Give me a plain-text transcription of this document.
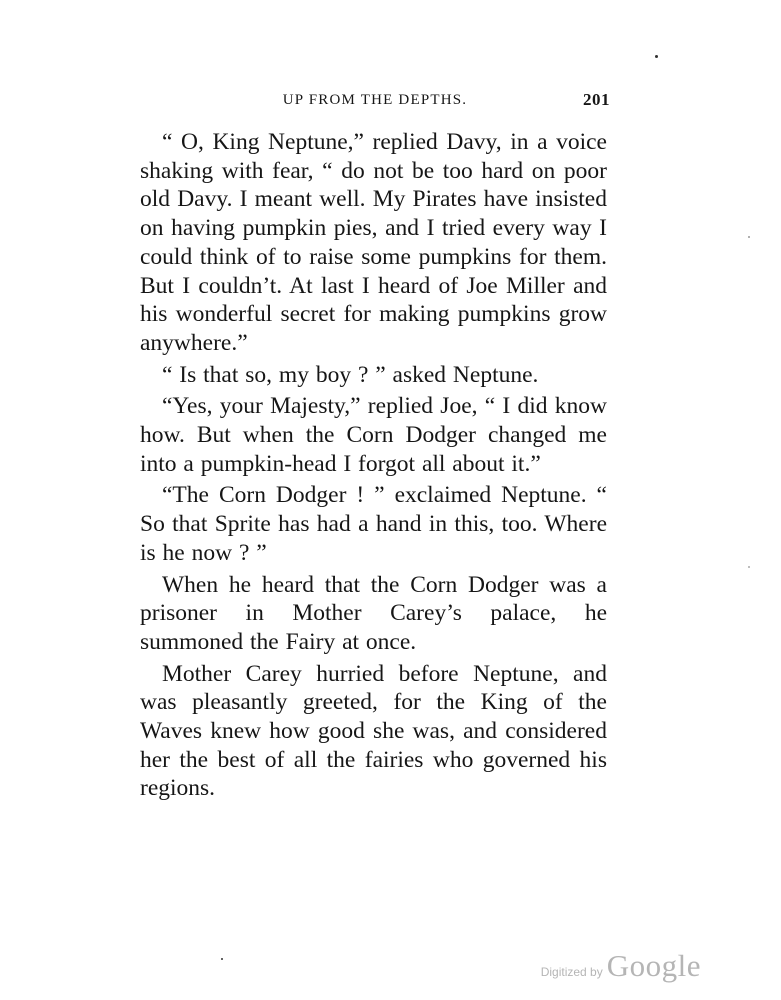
UP FROM THE DEPTHS.	201

“ O, King Neptune,” replied Davy, in a voice shaking with fear, “ do not be too hard on poor old Davy. I meant well. My Pirates have insisted on having pumpkin pies, and I tried every way I could think of to raise some pumpkins for them. But I couldn’t. At last I heard of Joe Miller and his wonderful secret for making pumpkins grow anywhere.”

“ Is that so, my boy ? ” asked Neptune.

“Yes, your Majesty,” replied Joe, “ I did know how. But when the Corn Dodger changed me into a pumpkin-head I forgot all about it.”

“The Corn Dodger ! ” exclaimed Neptune. “ So that Sprite has had a hand in this, too. Where is he now ? ”

When he heard that the Corn Dodger was a prisoner in Mother Carey’s palace, he summoned the Fairy at once.

Mother Carey hurried before Neptune, and was pleasantly greeted, for the King of the Waves knew how good she was, and considered her the best of all the fairies who governed his regions.

Digitized by Google
